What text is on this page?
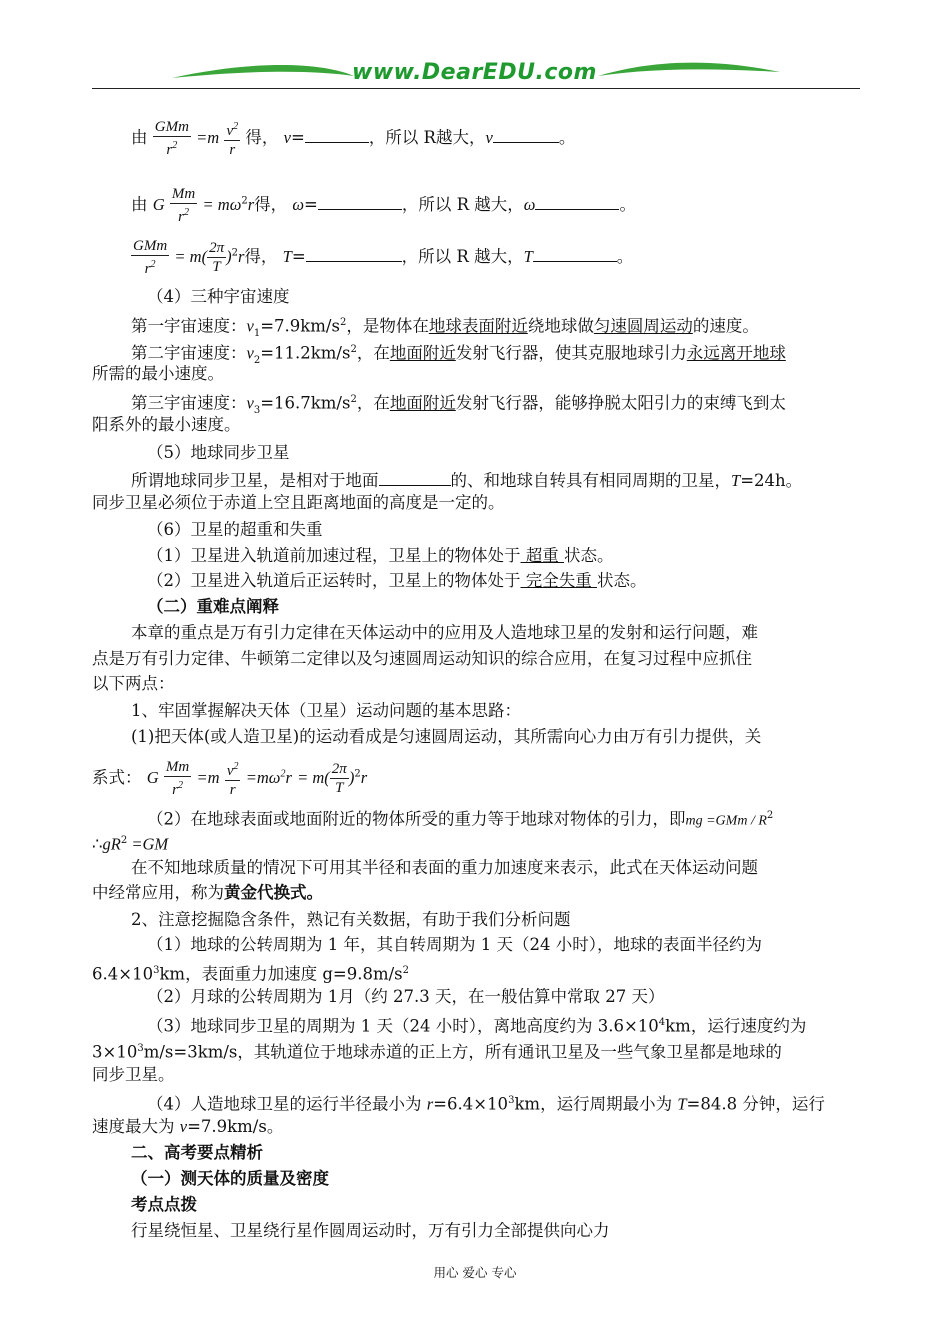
www.DearEDU.com
由 $\frac{\text{GMm}}{r^2} =m \frac{v^2}{r}$ 得， v=	，所以 R越大，v	。
由 G $\frac{Mm}{r^2} = m\omega^2r$得， ω=	，所以 R 越大，ω	。
$\frac{\text{GMm}}{r^2} = m( \frac{2\pi}{T} )^2r$得， T=	，所以 R 越大，T	。
（4）三种宇宙速度
第一宇宙速度：$v_1=7.9km/s^2$，是物体在地球表面附近绕地球做匀速圆周运动的速度。
第二宇宙速度：$v_2=11.2km/s^2$，在地面附近发射飞行器，使其克服地球引力永远离开地球
所需的最小速度。
第三宇宙速度：$v_3=16.7km/s^2$，在地面附近发射飞行器，能够挣脱太阳引力的束缚飞到太
阳系外的最小速度。
（5）地球同步卫星
所谓地球同步卫星，是相对于地面	的、和地球自转具有相同周期的卫星，T=24h。
同步卫星必须位于赤道上空且距离地面的高度是一定的。
（6）卫星的超重和失重
（1）卫星进入轨道前加速过程，卫星上的物体处于 超重 状态。
（2）卫星进入轨道后正运转时，卫星上的物体处于 完全失重 状态。
（二）重难点阐释
本章的重点是万有引力定律在天体运动中的应用及人造地球卫星的发射和运行问题，难
点是万有引力定律、牛顿第二定律以及匀速圆周运动知识的综合应用，在复习过程中应抓住
以下两点：
1、牢固掌握解决天体（卫星）运动问题的基本思路：
(1)把天体(或人造卫星)的运动看成是匀速圆周运动，其所需向心力由万有引力提供，关
系式： G $\frac{Mm}{r^2} =m \frac{v^2}{r} =m\omega^2r = m( \frac{2\pi}{T} )^2r$
（2）在地球表面或地面附近的物体所受的重力等于地球对物体的引力，即mg $=GMm / R^2$
$\therefore gR^2 =GM$
在不知地球质量的情况下可用其半径和表面的重力加速度来表示，此式在天体运动问题
中经常应用，称为黄金代换式。
2、注意挖掘隐含条件，熟记有关数据，有助于我们分析问题
（1）地球的公转周期为 1 年，其自转周期为 1 天（24 小时），地球的表面半径约为
$6.4\times 10^3km$，表面重力加速度 $g=9.8m/s^2$
（2）月球的公转周期为 1月（约 27.3 天，在一般估算中常取 27 天）
（3）地球同步卫星的周期为 1 天（24 小时），离地高度约为 $3.6\times 10^4km$，运行速度约为
$3\times 10^3m/s=3km/s$，其轨道位于地球赤道的正上方，所有通讯卫星及一些气象卫星都是地球的
同步卫星。
（4）人造地球卫星的运行半径最小为 $r=6.4\times 10^3km$，运行周期最小为 T=84.8 分钟，运行
速度最大为 v=7.9km/s。
二、高考要点精析
（一）测天体的质量及密度
考点点拨
行星绕恒星、卫星绕行星作圆周运动时，万有引力全部提供向心力
用心 爱心 专心
